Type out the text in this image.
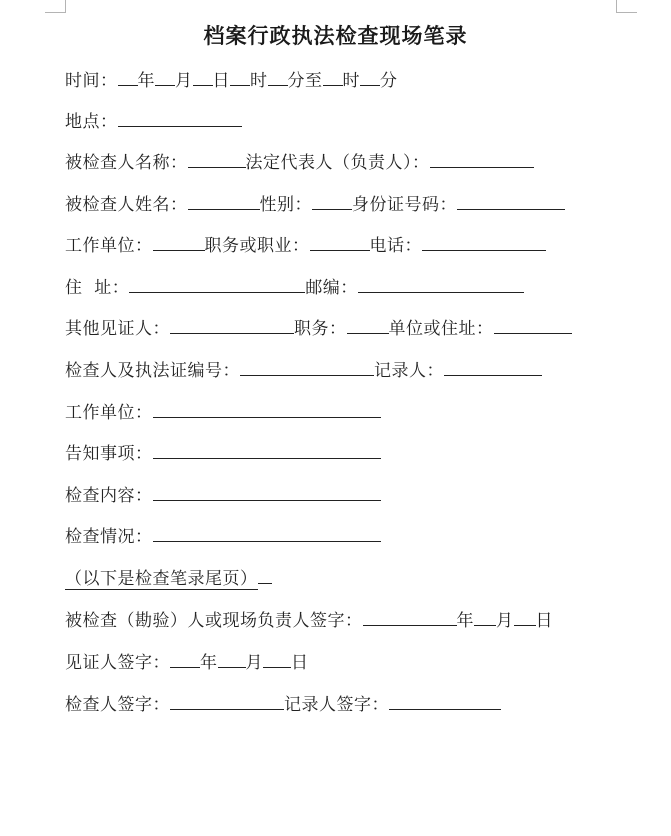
档案行政执法检查现场笔录
时间： 年 月 日 时 分至 时 分
地点：
被检查人名称：	法定代表人（负责人）：
被检查人姓名：	性别： 身份证号码：
工作单位：	职务或职业：	电话：
住  址：	邮编：
其他见证人：	职务： 单位或住址：
检查人及执法证编号：	记录人：
工作单位：
告知事项：
检查内容：
检查情况：
（以下是检查笔录尾页）
被检查（勘验）人或现场负责人签字：	年 月 日
见证人签字： 年 月 日
检查人签字：	记录人签字：
